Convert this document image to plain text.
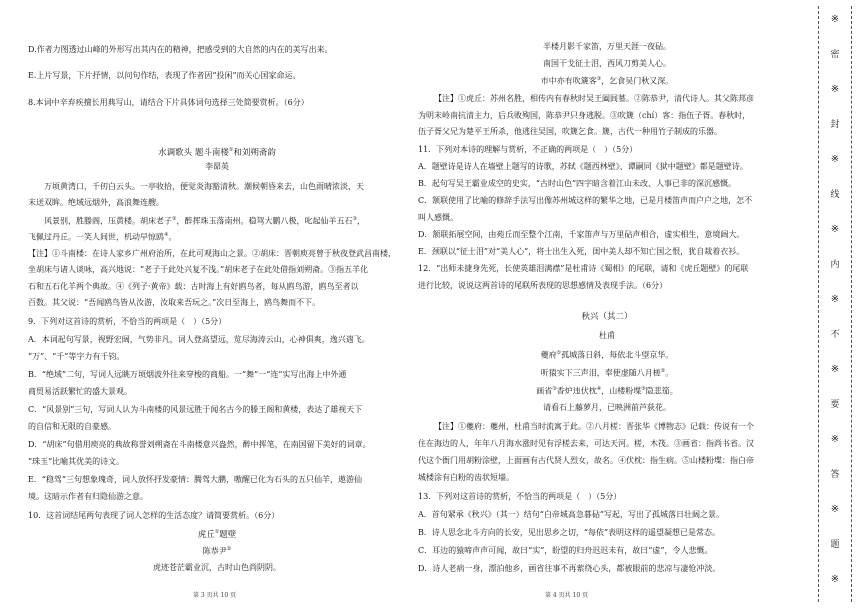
D.作者力图透过山峰的外形写出其内在的精神，把感受到的大自然的内在的美写出来。
E.上片写景，下片抒情，以问句作结，表现了作者因“投闲”而关心国家命运。
8.本词中辛弃疾擅长用典写山，请结合下片具体词句选择三处简要赏析。（6分）
水调歌头 题斗南楼①和刘朔斋韵
李昴英
万顷黄湾口，千仞白云头。一亭收拾，便觉炎海豁清秋。潮候朝昏来去，山色雨晴浓淡，天
末送双眸。绝域远烟外，高浪舞连艘。
风景别，胜滕阁，压黄楼。胡床老子②，醉挥珠玉落南州。稳驾大鹏八极，叱起仙羊五石③，
飞佩过丹丘。一笑人间世，机动早惊鸥④。
【注】①斗南楼：在诗人家乡广州府治所，在此可观海山之景。②胡床：晋朝庾亮曾于秋夜登武昌南楼，
坐胡床与诸人谈咏，高兴地说：“老子于此处兴复不浅。”胡床老子在此处借指刘朔斋。③指五羊化
石和五石化羊两个典故。④《列子·黄帝》载：古时海上有好鸥鸟者，每从鸥鸟游，鸥鸟至者以
百数。其父说：“吾闻鸥鸟皆从汝游，汝取来吾玩之。”次日至海上，鸥鸟舞而不下。
9．下列对这首诗的赏析，不恰当的两项是（　）（5分）
A．本词起句写景，视野宏阔，气势非凡，词人登高望远，览尽海涛云山，心神俱爽，逸兴遄飞。
“万”、“千”等字力有千钧。
B．“绝域”二句，写词人远眺万顷烟波外往来穿梭的商船。一“舞”一“连”实写出海上中外通
商贸易活跃繁忙的盛大景观。
C．“风景别”三句，写词人认为斗南楼的风景远胜于闻名古今的滕王阁和黄楼，表达了雄视天下
的自信和无限的自豪感。
D．“胡床”句借用庾亮的典故称誉刘朔斋在斗南楼意兴盎然，醉中挥笔，在南国留下美好的词章。
“珠玉”比喻其优美的诗文。
E．“稳驾”三句想象瑰奇，词人放怀抒发豪情：腾驾大鹏，嗷醒已化为石头的五只仙羊，遨游仙
境。这暗示作者有归隐仙游之意。
10．这首词结尾两句表现了词人怎样的生活态度？请简要赏析。（6分）
虎丘①题壁
陈恭尹②
虎迹苍茫霸业沉，古时山色尚阴阴。
半楼月影千家笛，万里天涯一夜砧。
南国干戈征士泪，西风刀剪美人心。
市中亦有吹篪客③，乞食吴门秋又深。
【注】①虎丘：苏州名胜，相传内有春秋时吴王阖闾墓。②陈恭尹，清代诗人。其父陈邦彦
为明末岭南抗清主力，后兵败殉国，陈恭尹只身逃脱。③吹篪（chí）客：指伍子胥。春秋时，
伍子胥父兄为楚平王所杀，他逃往吴国，吹篪乞食。篪，古代一种用竹子制成的乐器。
11．下列对本诗的理解与赏析，不正确的两项是（　）（5分）
A．题壁诗是诗人在墙壁上题写的诗歌，苏轼《题西林壁》、谭嗣同《狱中题壁》都是题壁诗。
B．起句写吴王霸业成空的史实，“古时山色”四字暗含着江山未改、人事已非的深沉感慨。
C．颔联使用了比喻的修辞手法写出像苏州城这样的繁华之地，已是月楼笛声而户户之地，怎不
叫人感慨。
D．颔联拓展空间，由苑丘而至整个江南，千家笛声与万里砧声相合，虚实相生，意境阔大。
E．颈联以“征士泪”对“美人心”，将士出生入死，闺中美人却不知亡国之恨，犹自裁着衣衫。
12．“出师未捷身先死，长使英雄泪满襟”是杜甫诗《蜀相》的尾联，请和《虎丘题壁》的尾联
进行比较，说说这两首诗的尾联所表现的思想感情及表现手法。（6分）
秋兴（其二）
杜甫
夔府①孤城落日斜，每依北斗望京华。
听猿实下三声泪，奉使虚随八月槎②。
画省③香炉违伏枕④，山楼粉堞⑤隐悲笳。
请看石上藤萝月，已映洲前芦荻花。
【注】①夔府：夔州，杜甫当时流寓于此。②八月槎：晋张华《博物志》记载：传说有一个
住在海边的人，年年八月海水涨时见有浮槎去来，可达天河。槎，木筏。③画省：指尚书省。汉
代这个衙门用胡粉涂壁，上面画有古代贤人烈女，故名。④伏枕：指生病。⑤山楼粉堞：指白帝
城楼涂有白粉的齿状短墙。
13．下列对这首诗的赏析，不恰当的两项是（　）（5分）
A．首句紧承《秋兴》（其一）结句“白帝城高急暮砧”写起，写出了孤城落日壮阔之景。
B．诗人思念北斗方向的长安，见出思乡之切，“每依”表明这样的遥望凝想已是常态。
C．耳边的猿啼声声可闻，故曰“实”，盼望的归舟迟迟未有，故曰“虚”，令人悲慨。
D．诗人老病一身，漂泊他乡，画省往事不再萦绕心头，都被眼前的悲凉与凄怆冲淡。
第 3 页共 10 页	第 4 页共 10 页
※
密
※
封
※
线
※
内
※
不
※
要
※
答
※
题
※
